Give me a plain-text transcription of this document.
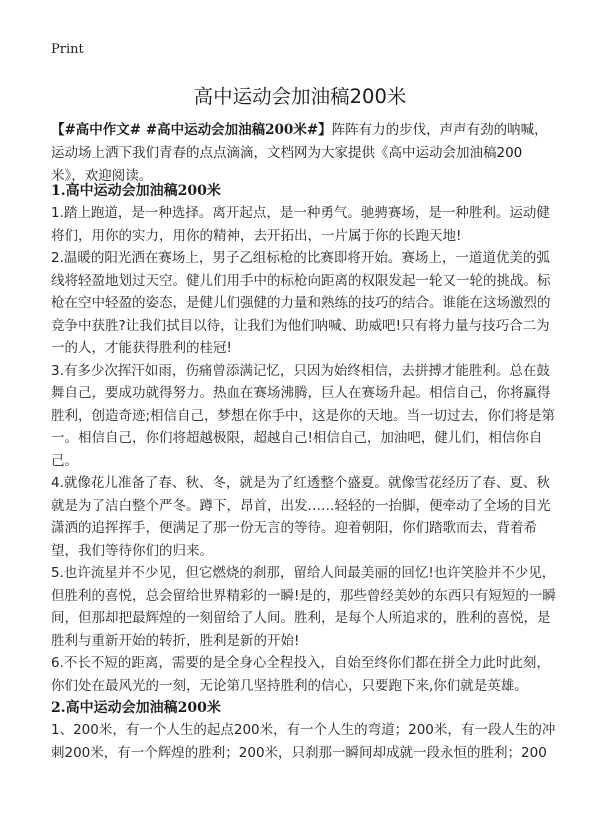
Print
高中运动会加油稿200米

【#高中作文# #高中运动会加油稿200米#】阵阵有力的步伐，声声有劲的呐喊，运动场上洒下我们青春的点点滴滴，文档网为大家提供《高中运动会加油稿200米》，欢迎阅读。

1.高中运动会加油稿200米

1.踏上跑道，是一种选择。离开起点，是一种勇气。驰骋赛场，是一种胜利。运动健将们，用你的实力，用你的精神，去开拓出，一片属于你的长跑天地!

2.温暖的阳光洒在赛场上，男子乙组标枪的比赛即将开始。赛场上，一道道优美的弧线将轻盈地划过天空。健儿们用手中的标枪向距离的权限发起一轮又一轮的挑战。标枪在空中轻盈的姿态，是健儿们强健的力量和熟练的技巧的结合。谁能在这场激烈的竞争中获胜?让我们拭目以待，让我们为他们呐喊、助威吧!只有将力量与技巧合二为一的人，才能获得胜利的桂冠!

3.有多少次挥汗如雨，伤痛曾添满记忆，只因为始终相信，去拼搏才能胜利。总在鼓舞自己，要成功就得努力。热血在赛场沸腾，巨人在赛场升起。相信自己，你将赢得胜利，创造奇迹;相信自己，梦想在你手中，这是你的天地。当一切过去，你们将是第一。相信自己，你们将超越极限，超越自己!相信自己，加油吧，健儿们，相信你自己。

4.就像花儿准备了春、秋、冬，就是为了红透整个盛夏。就像雪花经历了春、夏、秋就是为了洁白整个严冬。蹲下，昂首，出发……轻轻的一抬脚，便牵动了全场的目光潇洒的追挥挥手，便满足了那一份无言的等待。迎着朝阳，你们踏歌而去，背着希望，我们等待你们的归来。

5.也许流星并不少见，但它燃烧的刹那，留给人间最美丽的回忆!也许笑脸并不少见，但胜利的喜悦，总会留给世界精彩的一瞬!是的，那些曾经美妙的东西只有短短的一瞬间，但那却把最辉煌的一刻留给了人间。胜利，是每个人所追求的，胜利的喜悦，是胜利与重新开始的转折，胜利是新的开始!

6.不长不短的距离，需要的是全身心全程投入，自始至终你们都在拼全力此时此刻，你们处在最风光的一刻，无论第几坚持胜利的信心，只要跑下来,你们就是英雄。

2.高中运动会加油稿200米

1、200米，有一个人生的起点200米，有一个人生的弯道；200米，有一段人生的冲刺200米，有一个辉煌的胜利；200米，只刹那一瞬间却成就一段永恒的胜利；200
